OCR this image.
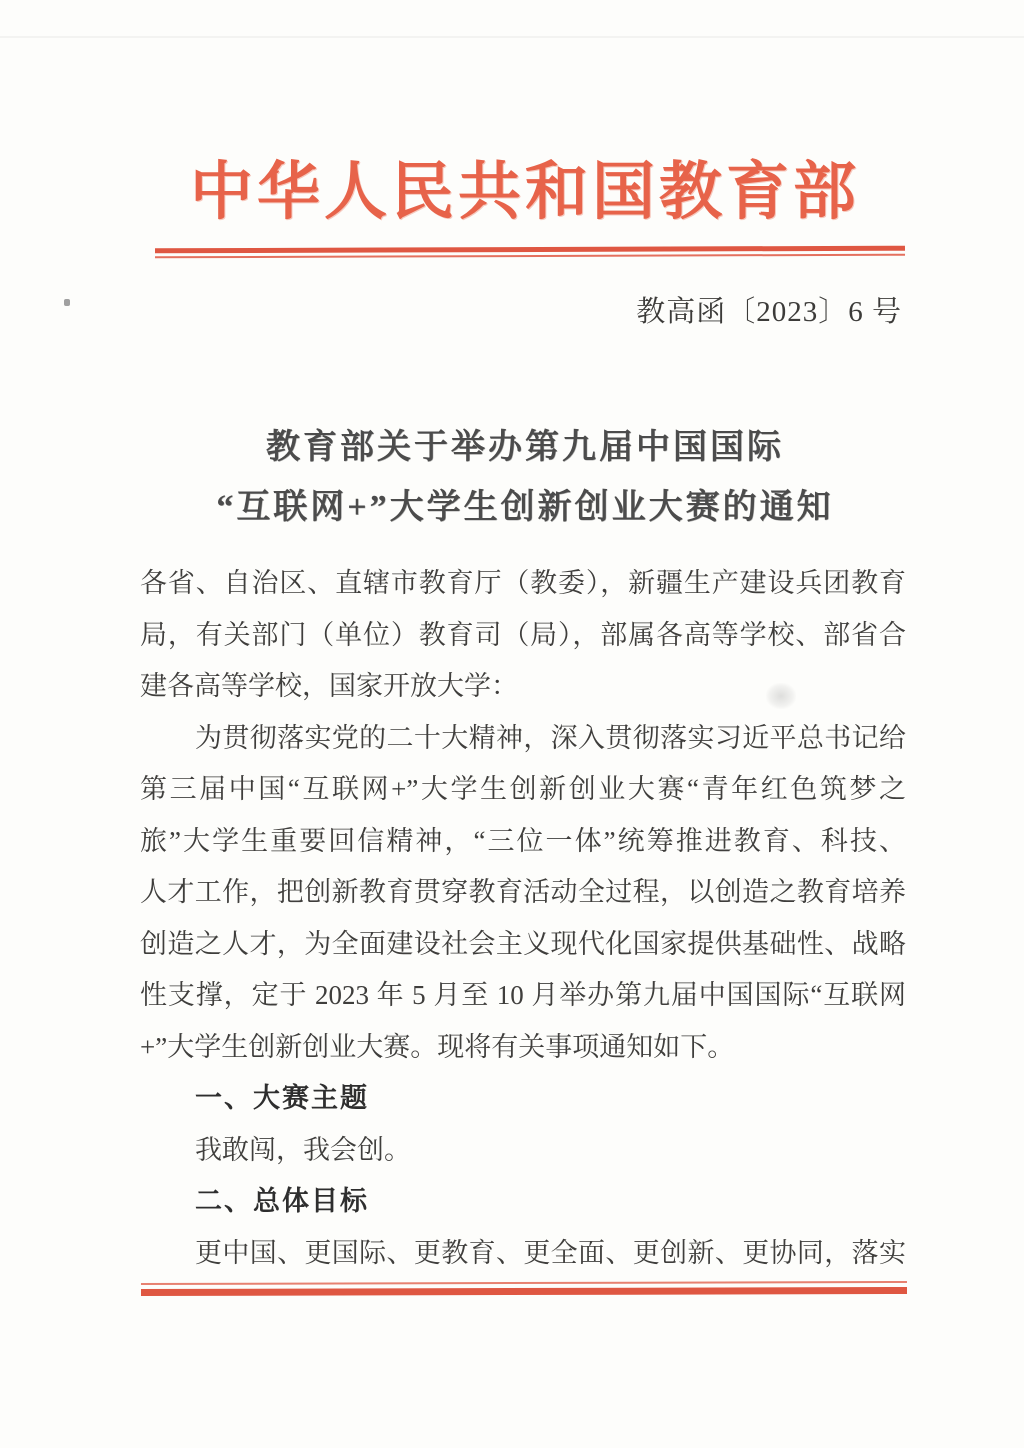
中华人民共和国教育部
教高函〔2023〕6 号
教育部关于举办第九届中国国际
“互联网+”大学生创新创业大赛的通知
各省、自治区、直辖市教育厅（教委），新疆生产建设兵团教育
局，有关部门（单位）教育司（局），部属各高等学校、部省合
建各高等学校，国家开放大学：
为贯彻落实党的二十大精神，深入贯彻落实习近平总书记给
第三届中国“互联网+”大学生创新创业大赛“青年红色筑梦之
旅”大学生重要回信精神，“三位一体”统筹推进教育、科技、
人才工作，把创新教育贯穿教育活动全过程，以创造之教育培养
创造之人才，为全面建设社会主义现代化国家提供基础性、战略
性支撑，定于 2023 年 5 月至 10 月举办第九届中国国际“互联网
+”大学生创新创业大赛。现将有关事项通知如下。
一、大赛主题
我敢闯，我会创。
二、总体目标
更中国、更国际、更教育、更全面、更创新、更协同，落实
